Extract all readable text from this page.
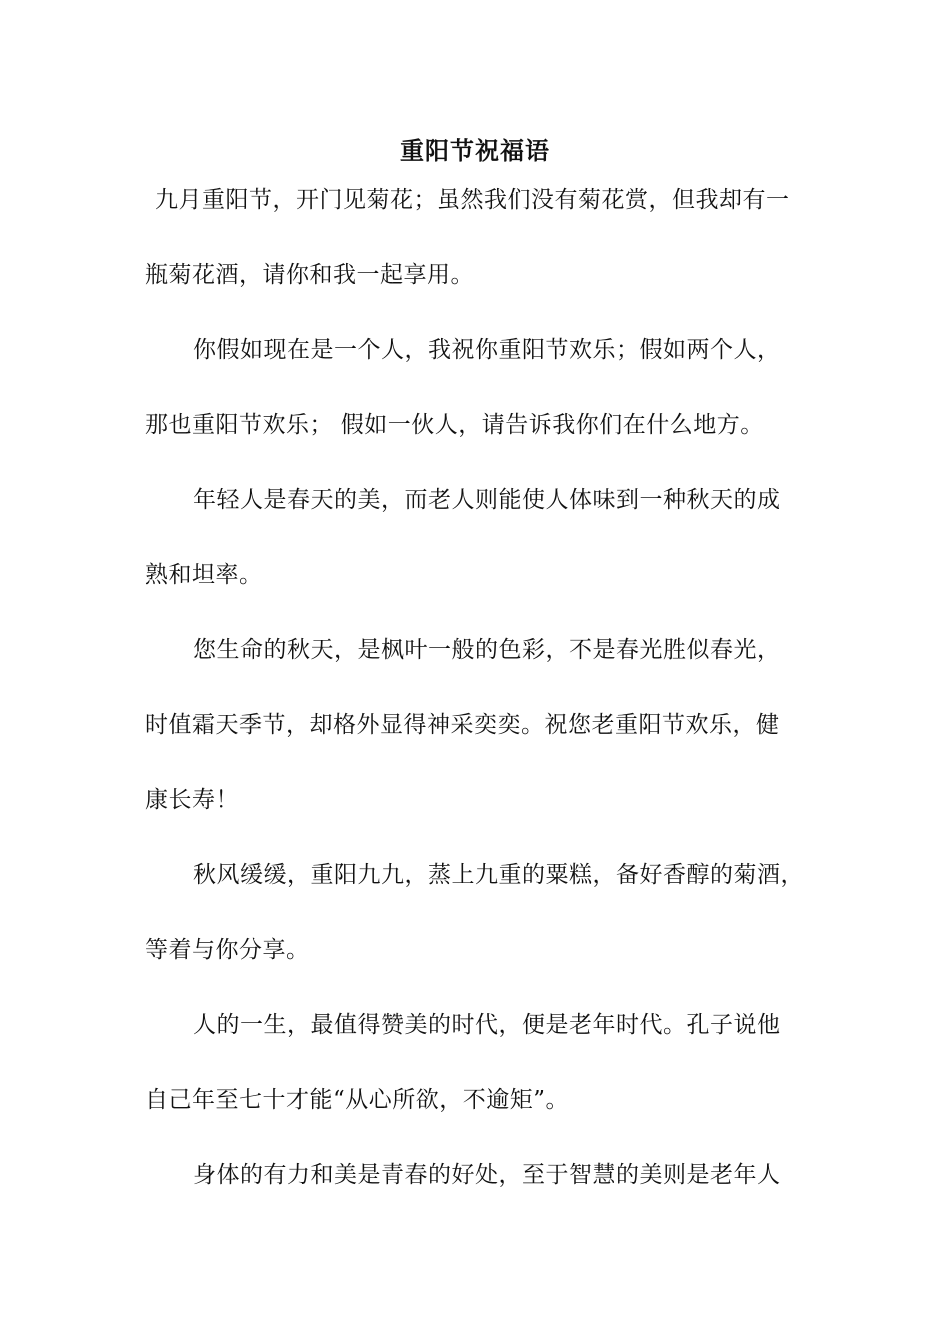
重阳节祝福语
九月重阳节，开门见菊花；虽然我们没有菊花赏，但我却有一
瓶菊花酒，请你和我一起享用。
你假如现在是一个人，我祝你重阳节欢乐；假如两个人，
那也重阳节欢乐； 假如一伙人，请告诉我你们在什么地方。
年轻人是春天的美，而老人则能使人体味到一种秋天的成
熟和坦率。
您生命的秋天，是枫叶一般的色彩，不是春光胜似春光，
时值霜天季节，却格外显得神采奕奕。祝您老重阳节欢乐，健
康长寿！
秋风缓缓，重阳九九，蒸上九重的粟糕，备好香醇的菊酒，
等着与你分享。
人的一生，最值得赞美的时代，便是老年时代。孔子说他
自己年至七十才能“从心所欲，不逾矩”。
身体的有力和美是青春的好处，至于智慧的美则是老年人
